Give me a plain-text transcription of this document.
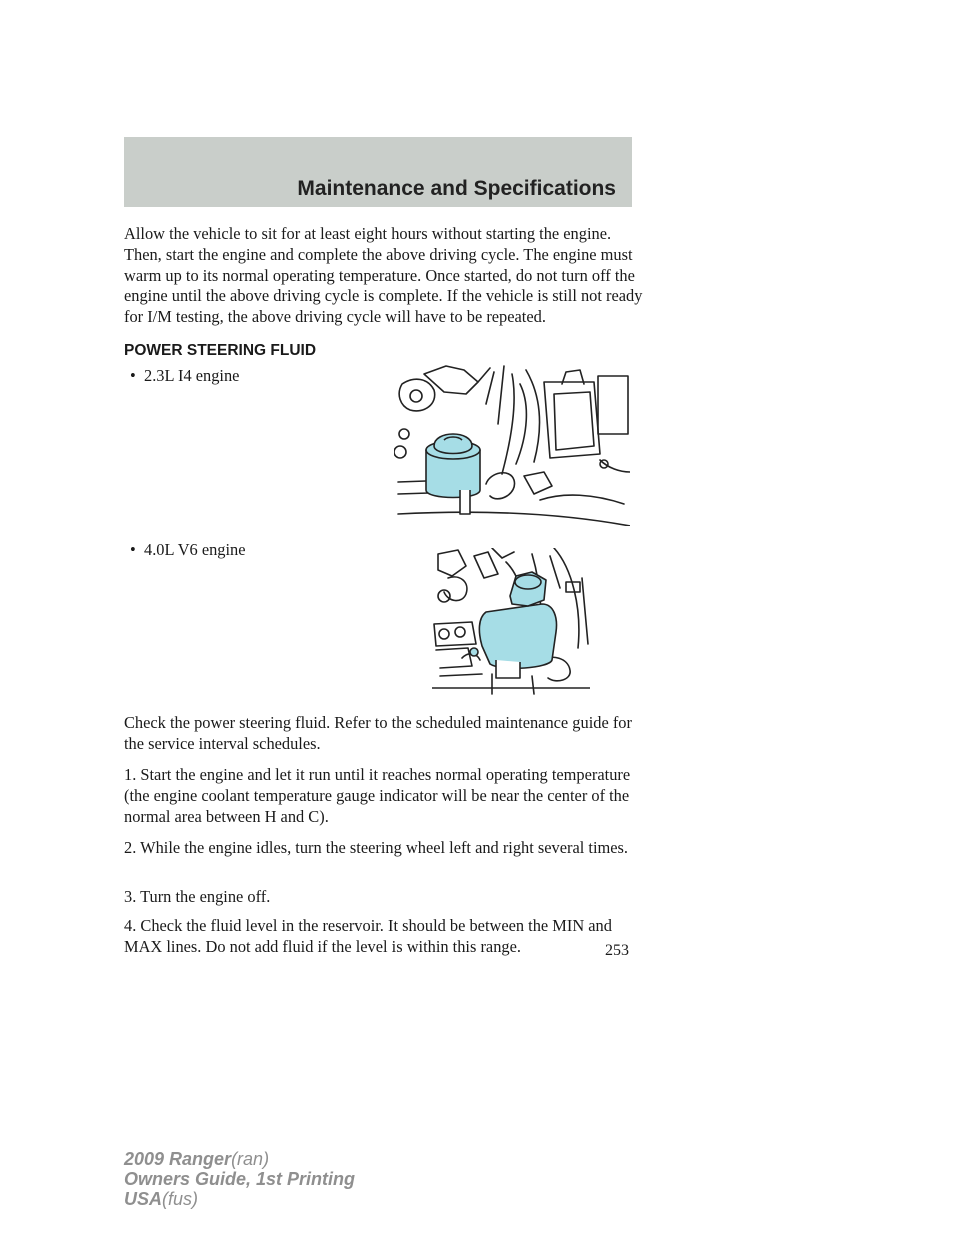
Maintenance and Specifications

Allow the vehicle to sit for at least eight hours without starting the engine. Then, start the engine and complete the above driving cycle. The engine must warm up to its normal operating temperature. Once started, do not turn off the engine until the above driving cycle is complete. If the vehicle is still not ready for I/M testing, the above driving cycle will have to be repeated.

POWER STEERING FLUID
• 2.3L I4 engine
• 4.0L V6 engine

Check the power steering fluid. Refer to the scheduled maintenance guide for the service interval schedules.

1. Start the engine and let it run until it reaches normal operating temperature (the engine coolant temperature gauge indicator will be near the center of the normal area between H and C).

2. While the engine idles, turn the steering wheel left and right several times.

3. Turn the engine off.

4. Check the fluid level in the reservoir. It should be between the MIN and MAX lines. Do not add fluid if the level is within this range.	253
2009 Ranger(ran)
Owners Guide, 1st Printing
USA(fus)
